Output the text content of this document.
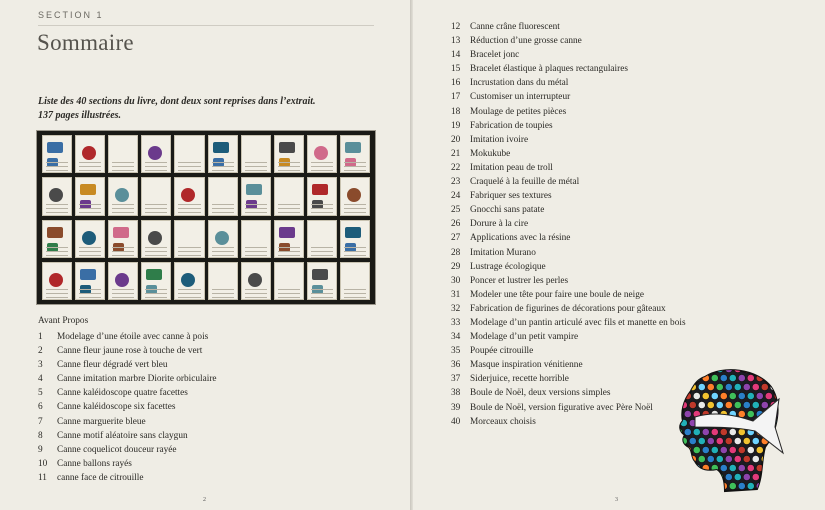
SECTION 1
Sommaire

Liste des 40 sections du livre, dont deux sont reprises dans l’extrait.
137 pages illustrées.

Avant Propos
1 Modelage d’une étoile avec canne à pois
2 Canne fleur jaune rose à touche de vert
3 Canne fleur dégradé vert bleu
4 Canne imitation marbre Diorite orbiculaire
5 Canne kaléidoscope quatre facettes
6 Canne kaléidoscope six facettes
7 Canne marguerite bleue
8 Canne motif aléatoire sans claygun
9 Canne coquelicot douceur rayée
10 Canne ballons rayés
11 canne face de citrouille
2	3
12 Canne crâne fluorescent
13 Réduction d’une grosse canne
14 Bracelet jonc
15 Bracelet élastique à plaques rectangulaires
16 Incrustation dans du métal
17 Customiser un interrupteur
18 Moulage de petites pièces
19 Fabrication de toupies
20 Imitation ivoire
21 Mokukube
22 Imitation peau de troll
23 Craquelé à la feuille de métal
24 Fabriquer ses textures
25 Gnocchi sans patate
26 Dorure à la cire
27 Applications avec la résine
28 Imitation Murano
29 Lustrage écologique
30 Poncer et lustrer les perles
31 Modeler une tête pour faire une boule de neige
32 Fabrication de figurines de décorations pour gâteaux
33 Modelage d’un pantin articulé avec fils et manette en bois
34 Modelage d’un petit vampire
35 Poupée citrouille
36 Masque inspiration vénitienne
37 Siderjuice, recette horrible
38 Boule de Noël, deux versions simples
39 Boule de Noël, version figurative avec Père Noël
40 Morceaux choisis
